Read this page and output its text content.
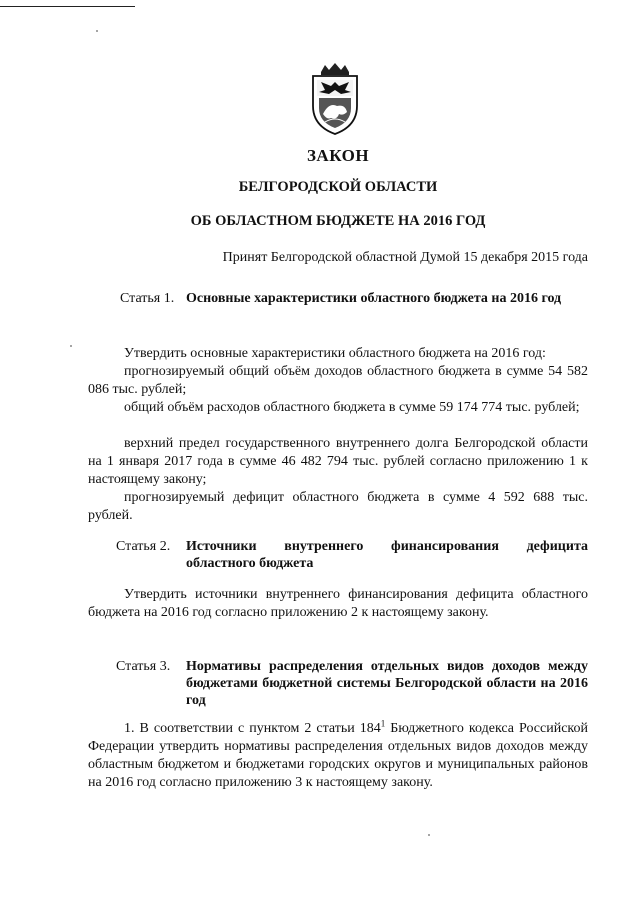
ЗАКОН
БЕЛГОРОДСКОЙ ОБЛАСТИ
ОБ ОБЛАСТНОМ БЮДЖЕТЕ НА 2016 ГОД
Принят Белгородской областной Думой 15 декабря 2015 года
Статья 1. Основные характеристики областного бюджета на 2016 год
Утвердить основные характеристики областного бюджета на 2016 год:
прогнозируемый общий объём доходов областного бюджета в сумме 54 582 086 тыс. рублей;
общий объём расходов областного бюджета в сумме 59 174 774 тыс. рублей;
верхний предел государственного внутреннего долга Белгородской области на 1 января 2017 года в сумме 46 482 794 тыс. рублей согласно приложению 1 к настоящему закону;
прогнозируемый дефицит областного бюджета в сумме 4 592 688 тыс. рублей.
Статья 2. Источники внутреннего финансирования дефицита областного бюджета
Утвердить источники внутреннего финансирования дефицита областного бюджета на 2016 год согласно приложению 2 к настоящему закону.
Статья 3. Нормативы распределения отдельных видов доходов между бюджетами бюджетной системы Белгородской области на 2016 год
1. В соответствии с пунктом 2 статьи $184^1$ Бюджетного кодекса Российской Федерации утвердить нормативы распределения отдельных видов доходов между областным бюджетом и бюджетами городских округов и муниципальных районов на 2016 год согласно приложению 3 к настоящему закону.
